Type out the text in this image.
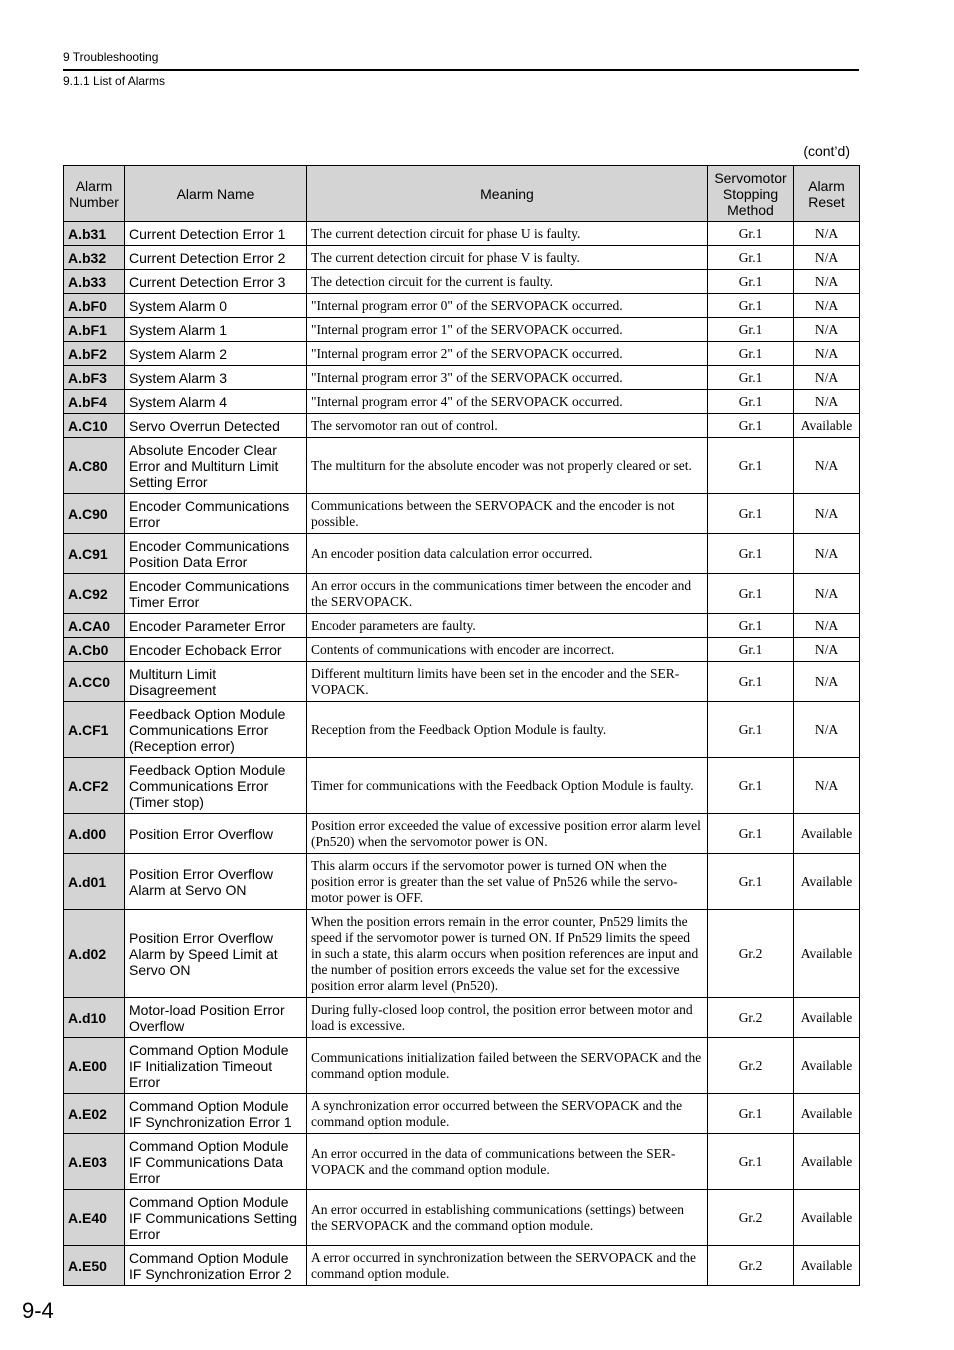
9 Troubleshooting
9.1.1 List of Alarms
(cont’d)
Alarm Number	Alarm Name	Meaning	Servomotor Stopping Method	Alarm Reset
A.b31	Current Detection Error 1	The current detection circuit for phase U is faulty.	Gr.1	N/A
A.b32	Current Detection Error 2	The current detection circuit for phase V is faulty.	Gr.1	N/A
A.b33	Current Detection Error 3	The detection circuit for the current is faulty.	Gr.1	N/A
A.bF0	System Alarm 0	"Internal program error 0" of the SERVOPACK occurred.	Gr.1	N/A
A.bF1	System Alarm 1	"Internal program error 1" of the SERVOPACK occurred.	Gr.1	N/A
A.bF2	System Alarm 2	"Internal program error 2" of the SERVOPACK occurred.	Gr.1	N/A
A.bF3	System Alarm 3	"Internal program error 3" of the SERVOPACK occurred.	Gr.1	N/A
A.bF4	System Alarm 4	"Internal program error 4" of the SERVOPACK occurred.	Gr.1	N/A
A.C10	Servo Overrun Detected	The servomotor ran out of control.	Gr.1	Available
A.C80	Absolute Encoder Clear Error and Multiturn Limit Setting Error	The multiturn for the absolute encoder was not properly cleared or set.	Gr.1	N/A
A.C90	Encoder Communications Error	Communications between the SERVOPACK and the encoder is not possible.	Gr.1	N/A
A.C91	Encoder Communications Position Data Error	An encoder position data calculation error occurred.	Gr.1	N/A
A.C92	Encoder Communications Timer Error	An error occurs in the communications timer between the encoder and the SERVOPACK.	Gr.1	N/A
A.CA0	Encoder Parameter Error	Encoder parameters are faulty.	Gr.1	N/A
A.Cb0	Encoder Echoback Error	Contents of communications with encoder are incorrect.	Gr.1	N/A
A.CC0	Multiturn Limit Disagreement	Different multiturn limits have been set in the encoder and the SER-VOPACK.	Gr.1	N/A
A.CF1	Feedback Option Module Communications Error (Reception error)	Reception from the Feedback Option Module is faulty.	Gr.1	N/A
A.CF2	Feedback Option Module Communications Error (Timer stop)	Timer for communications with the Feedback Option Module is faulty.	Gr.1	N/A
A.d00	Position Error Overflow	Position error exceeded the value of excessive position error alarm level (Pn520) when the servomotor power is ON.	Gr.1	Available
A.d01	Position Error Overflow Alarm at Servo ON	This alarm occurs if the servomotor power is turned ON when the position error is greater than the set value of Pn526 while the servo-motor power is OFF.	Gr.1	Available
A.d02	Position Error Overflow Alarm by Speed Limit at Servo ON	When the position errors remain in the error counter, Pn529 limits the speed if the servomotor power is turned ON. If Pn529 limits the speed in such a state, this alarm occurs when position references are input and the number of position errors exceeds the value set for the excessive position error alarm level (Pn520).	Gr.2	Available
A.d10	Motor-load Position Error Overflow	During fully-closed loop control, the position error between motor and load is excessive.	Gr.2	Available
A.E00	Command Option Module IF Initialization Timeout Error	Communications initialization failed between the SERVOPACK and the command option module.	Gr.2	Available
A.E02	Command Option Module IF Synchronization Error 1	A synchronization error occurred between the SERVOPACK and the command option module.	Gr.1	Available
A.E03	Command Option Module IF Communications Data Error	An error occurred in the data of communications between the SER-VOPACK and the command option module.	Gr.1	Available
A.E40	Command Option Module IF Communications Setting Error	An error occurred in establishing communications (settings) between the SERVOPACK and the command option module.	Gr.2	Available
A.E50	Command Option Module IF Synchronization Error 2	A error occurred in synchronization between the SERVOPACK and the command option module.	Gr.2	Available
9-4
